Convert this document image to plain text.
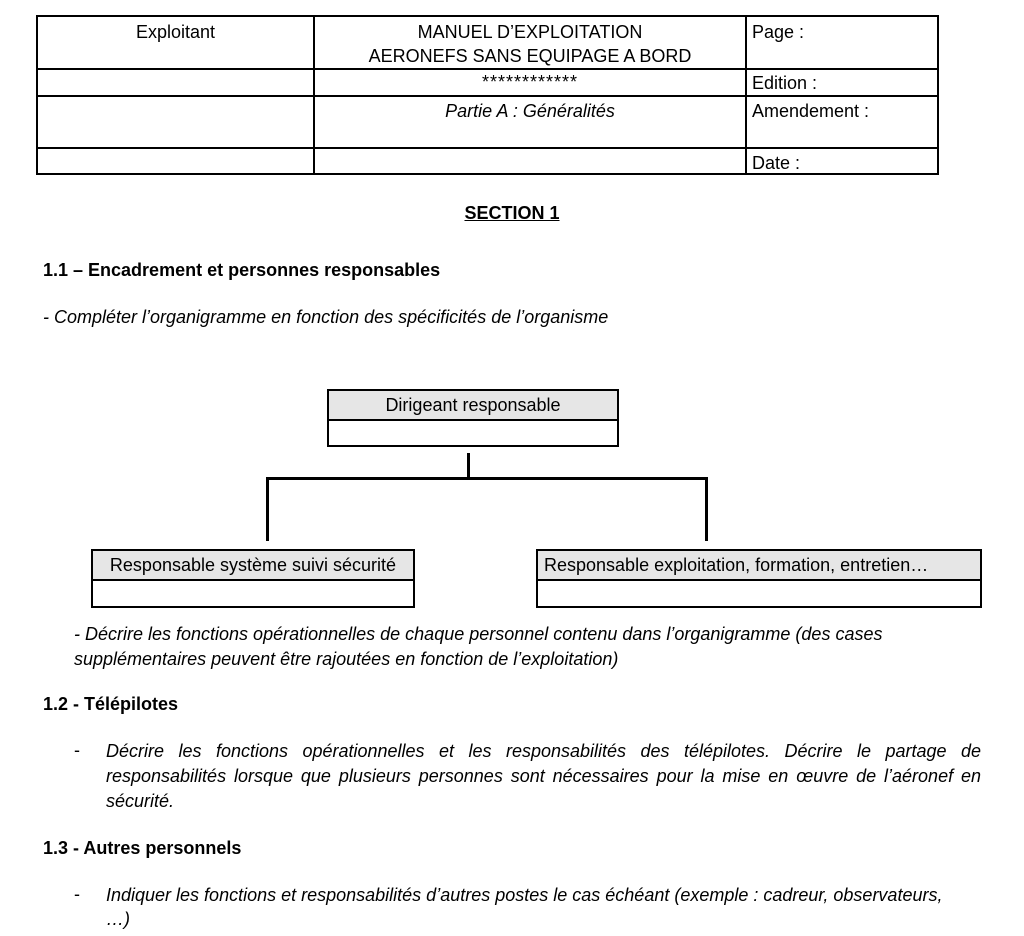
Exploitant	MANUEL D’EXPLOITATION
AERONEFS SANS EQUIPAGE A BORD
************
Partie A : Généralités
Page :
Edition :
Amendement :
Date :
SECTION 1
1.1 – Encadrement et personnes responsables
- Compléter l’organigramme en fonction des spécificités de l’organisme
Dirigeant responsable
Responsable système suivi sécurité	Responsable exploitation, formation, entretien…
- Décrire les fonctions opérationnelles de chaque personnel contenu dans l’organigramme (des cases
supplémentaires peuvent être rajoutées en fonction de l’exploitation)
1.2 - Télépilotes
- Décrire les fonctions opérationnelles et les responsabilités des télépilotes. Décrire le partage de
responsabilités lorsque que plusieurs personnes sont nécessaires pour la mise en œuvre de l’aéronef en
sécurité.
1.3 - Autres personnels
- Indiquer les fonctions et responsabilités d’autres postes le cas échéant (exemple : cadreur, observateurs,
…)
